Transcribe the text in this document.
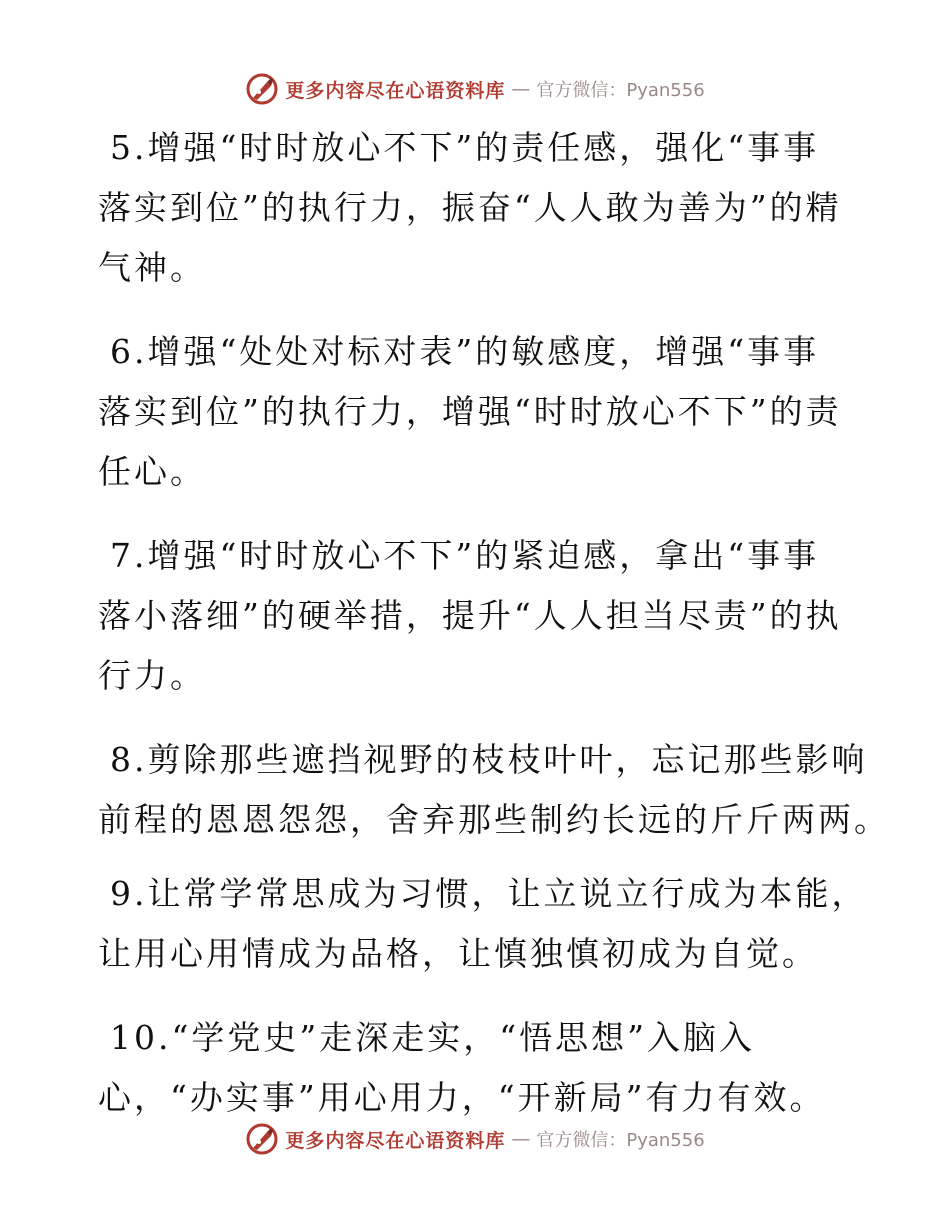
更多内容尽在心语资料库 — 官方微信：Pyan556

5.增强“时时放心不下”的责任感，强化“事事
落实到位”的执行力，振奋“人人敢为善为”的精
气神。

6.增强“处处对标对表”的敏感度，增强“事事
落实到位”的执行力，增强“时时放心不下”的责
任心。

7.增强“时时放心不下”的紧迫感，拿出“事事
落小落细”的硬举措，提升“人人担当尽责”的执
行力。

8.剪除那些遮挡视野的枝枝叶叶，忘记那些影响
前程的恩恩怨怨，舍弃那些制约长远的斤斤两两。

9.让常学常思成为习惯，让立说立行成为本能，
让用心用情成为品格，让慎独慎初成为自觉。

10.“学党史”走深走实，“悟思想”入脑入
心，“办实事”用心用力，“开新局”有力有效。

更多内容尽在心语资料库 — 官方微信：Pyan556
